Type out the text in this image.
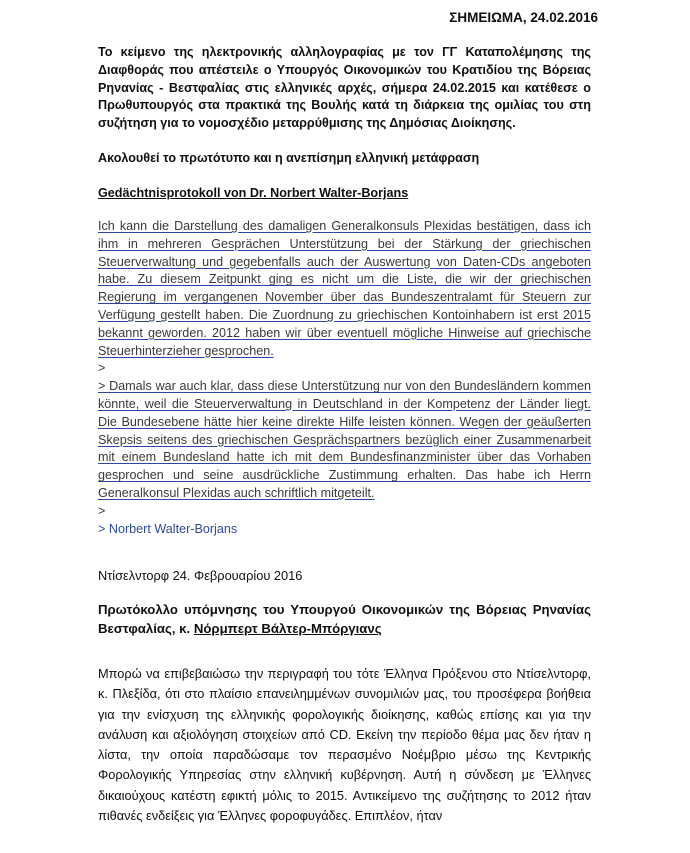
ΣΗΜΕΙΩΜΑ, 24.02.2016
Το κείμενο της ηλεκτρονικής αλληλογραφίας με τον ΓΓ Καταπολέμησης της Διαφθοράς που απέστειλε ο Υπουργός Οικονομικών του Κρατιδίου της Βόρειας Ρηνανίας - Βεστφαλίας στις ελληνικές αρχές, σήμερα 24.02.2015 και κατέθεσε ο Πρωθυπουργός στα πρακτικά της Βουλής κατά τη διάρκεια της ομιλίας του στη συζήτηση για το νομοσχέδιο μεταρρύθμισης της Δημόσιας Διοίκησης.
Ακολουθεί το πρωτότυπο και η ανεπίσημη ελληνική μετάφραση
Gedächtnisprotokoll von Dr. Norbert Walter-Borjans

Ich kann die Darstellung des damaligen Generalkonsuls Plexidas bestätigen, dass ich ihm in mehreren Gesprächen Unterstützung bei der Stärkung der griechischen Steuerverwaltung und gegebenfalls auch der Auswertung von Daten-CDs angeboten habe. Zu diesem Zeitpunkt ging es nicht um die Liste, die wir der griechischen Regierung im vergangenen November über das Bundeszentralamt für Steuern zur Verfügung gestellt haben. Die Zuordnung zu griechischen Kontoinhabern ist erst 2015 bekannt geworden. 2012 haben wir über eventuell mögliche Hinweise auf griechische Steuerhinterzieher gesprochen.

>

> Damals war auch klar, dass diese Unterstützung nur von den Bundesländern kommen könnte, weil die Steuerverwaltung in Deutschland in der Kompetenz der Länder liegt. Die Bundesebene hätte hier keine direkte Hilfe leisten können. Wegen der geäußerten Skepsis seitens des griechischen Gesprächspartners bezüglich einer Zusammenarbeit mit einem Bundesland hatte ich mit dem Bundesfinanzminister über das Vorhaben gesprochen und seine ausdrückliche Zustimmung erhalten. Das habe ich Herrn Generalkonsul Plexidas auch schriftlich mitgeteilt.

>
> Norbert Walter-Borjans
Ντίσελντορφ 24. Φεβρουαρίου 2016
Πρωτόκολλο υπόμνησης του Υπουργού Οικονομικών της Βόρειας Ρηνανίας Βεστφαλίας, κ. Νόρμπερτ Βάλτερ-Μπόργιανς
Μπορώ να επιβεβαιώσω την περιγραφή του τότε Έλληνα Πρόξενου στο Ντίσελντορφ, κ. Πλεξίδα, ότι στο πλαίσιο επανειλημμένων συνομιλιών μας, του προσέφερα βοήθεια για την ενίσχυση της ελληνικής φορολογικής διοίκησης, καθώς επίσης και για την ανάλυση και αξιολόγηση στοιχείων από CD. Εκείνη την περίοδο θέμα μας δεν ήταν η λίστα, την οποία παραδώσαμε τον περασμένο Νοέμβριο μέσω της Κεντρικής Φορολογικής Υπηρεσίας στην ελληνική κυβέρνηση. Αυτή η σύνδεση με Έλληνες δικαιούχους κατέστη εφικτή μόλις το 2015. Αντικείμενο της συζήτησης το 2012 ήταν πιθανές ενδείξεις για Έλληνες φοροφυγάδες. Επιπλέον, ήταν
